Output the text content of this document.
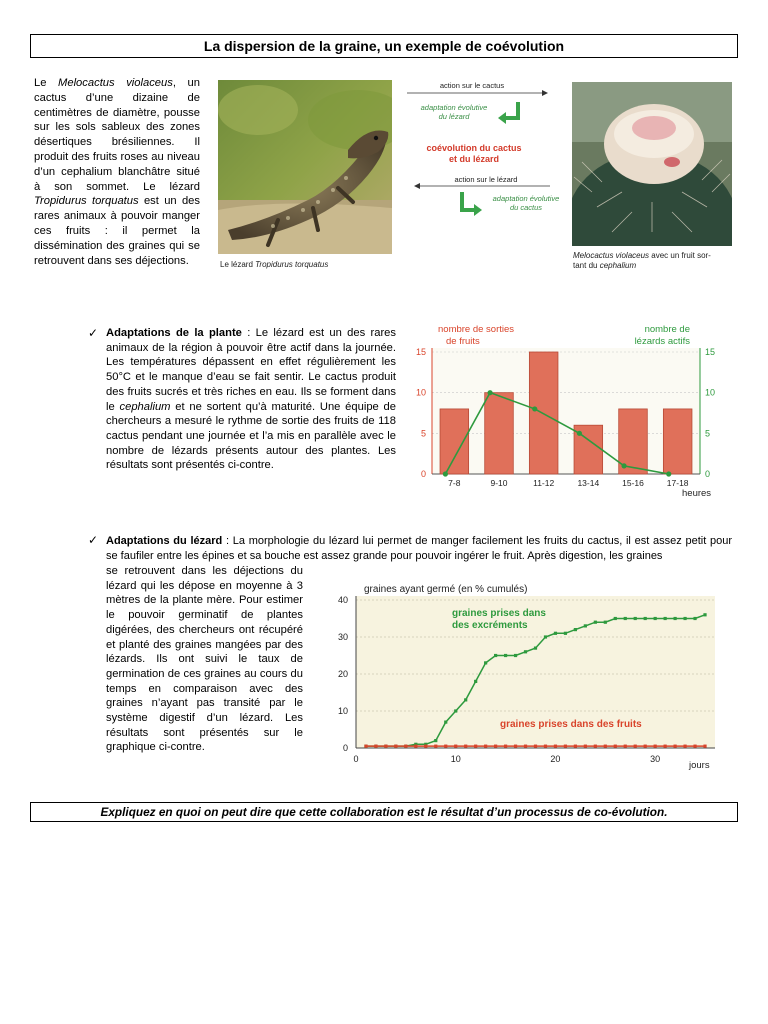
La dispersion de la graine, un exemple de coévolution
Le Melocactus violaceus, un cactus d’une dizaine de centimètres de diamètre, pousse sur les sols sableux des zones désertiques brésiliennes. Il produit des fruits roses au niveau d’un cephalium blanchâtre situé à son sommet. Le lézard Tropidurus torquatus est un des rares animaux à pouvoir manger ces fruits : il permet la dissémination des graines qui se retrouvent dans ses déjections.	Le lézard Tropidurus torquatus
action sur le cactus
adaptation évolutive
du lézard
coévolution du cactus
et du lézard
action sur le lézard
adaptation évolutive
du cactus
Melocactus violaceus avec un fruit sor-
tant du cephalium
✓ Adaptations de la plante : Le lézard est un des rares animaux de la région à pouvoir être actif dans la journée. Les températures dépassent en effet régulièrement les 50°C et le manque d’eau se fait sentir. Le cactus produit des fruits sucrés et très riches en eau. Ils se forment dans le cephalium et ne sortent qu’à maturité. Une équipe de chercheurs a mesuré le rythme de sortie des fruits de 118 cactus pendant une journée et l’a mis en parallèle avec le nombre de lézards présents autour des plantes. Les résultats sont présentés ci-contre.
0	0
5	5
10	10
15	15
7-8	9-10	11-12	13-14	15-16	17-18
nombre de sorties
de fruits
nombre de
lézards actifs
heures
✓ Adaptations du lézard : La morphologie du lézard lui permet de manger facilement les fruits du cactus, il est assez petit pour se faufiler entre les épines et sa bouche est assez grande pour pouvoir ingérer le fruit. Après digestion, les graines
se retrouvent dans les déjections du lézard qui les dépose en moyenne à 3 mètres de la plante mère. Pour estimer le pouvoir germinatif de plantes digérées, des chercheurs ont récupéré et planté des graines mangées par des lézards. Ils ont suivi le taux de germination de ces graines au cours du temps en comparaison avec des graines n’ayant pas transité par le système digestif d’un lézard. Les résultats sont présentés sur le graphique ci-contre.	0
10
20
30
40
0	10	20	30
graines ayant germé (en % cumulés)
graines prises dans
des excréments
graines prises dans des fruits
jours
Expliquez en quoi on peut dire que cette collaboration est le résultat d’un processus de co-évolution.
